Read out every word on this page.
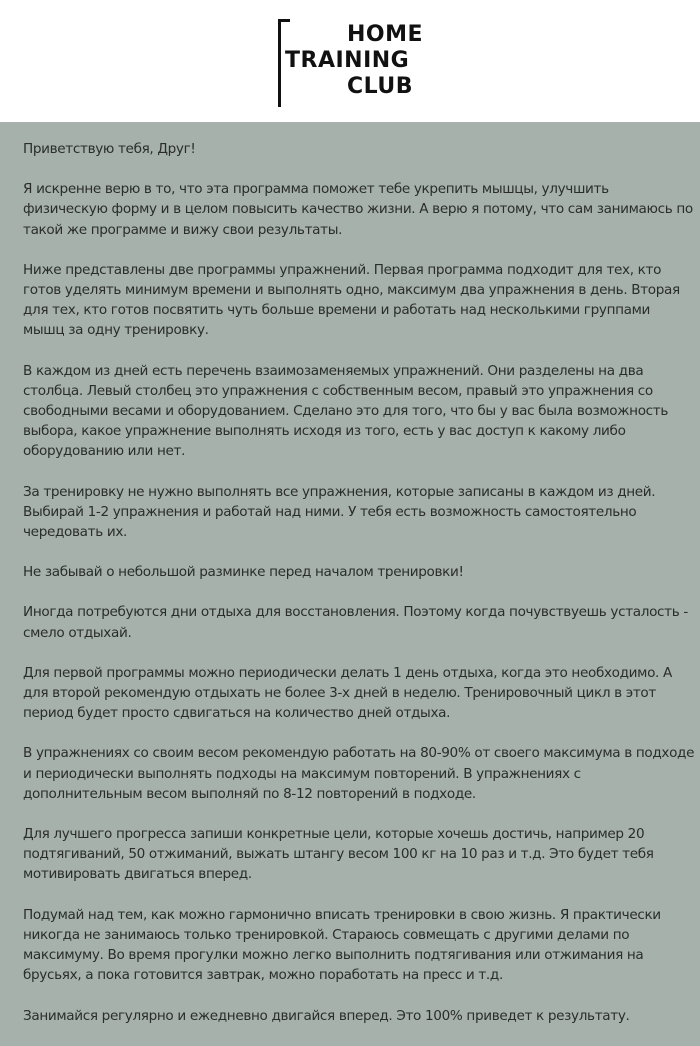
HOME
TRAINING
CLUB

Приветствую тебя, Друг!

Я искренне верю в то, что эта программа поможет тебе укрепить мышцы, улучшить физическую форму и в целом повысить качество жизни. А верю я потому, что сам занимаюсь по такой же программе и вижу свои результаты.

Ниже представлены две программы упражнений. Первая программа подходит для тех, кто готов уделять минимум времени и выполнять одно, максимум два упражнения в день. Вторая для тех, кто готов посвятить чуть больше времени и работать над несколькими группами мышц за одну тренировку.

В каждом из дней есть перечень взаимозаменяемых упражнений. Они разделены на два столбца. Левый столбец это упражнения с собственным весом, правый это упражнения со свободными весами и оборудованием. Сделано это для того, что бы у вас была возможность выбора, какое упражнение выполнять исходя из того, есть у вас доступ к какому либо оборудованию или нет.

За тренировку не нужно выполнять все упражнения, которые записаны в каждом из дней. Выбирай 1-2 упражнения и работай над ними. У тебя есть возможность самостоятельно чередовать их.

Не забывай о небольшой разминке перед началом тренировки!

Иногда потребуются дни отдыха для восстановления. Поэтому когда почувствуешь усталость - смело отдыхай.

Для первой программы можно периодически делать 1 день отдыха, когда это необходимо. А для второй рекомендую отдыхать не более 3-х дней в неделю. Тренировочный цикл в этот период будет просто сдвигаться на количество дней отдыха.

В упражнениях со своим весом рекомендую работать на 80-90% от своего максимума в подходе и периодически выполнять подходы на максимум повторений. В упражнениях с дополнительным весом выполняй по 8-12 повторений в подходе.

Для лучшего прогресса запиши конкретные цели, которые хочешь достичь, например 20 подтягиваний, 50 отжиманий, выжать штангу весом 100 кг на 10 раз и т.д. Это будет тебя мотивировать двигаться вперед.

Подумай над тем, как можно гармонично вписать тренировки в свою жизнь. Я практически никогда не занимаюсь только тренировкой. Стараюсь совмещать с другими делами по максимуму. Во время прогулки можно легко выполнить подтягивания или отжимания на брусьях, а пока готовится завтрак, можно поработать на пресс и т.д.

Занимайся регулярно и ежедневно двигайся вперед. Это 100% приведет к результату.
